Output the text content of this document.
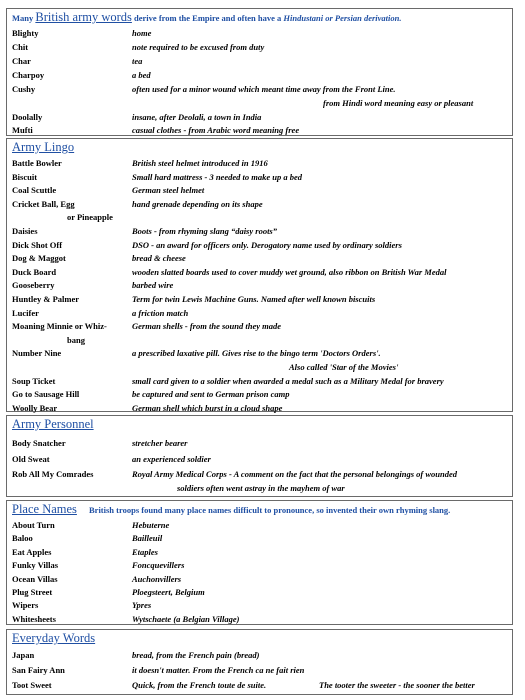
Many British army words derive from the Empire and often have a Hindustani or Persian derivation.
Blighty	home
Chit	note required to be excused from duty
Char	tea
Charpoy	a bed
Cushy	often used for a minor wound which meant time away from the Front Line.
from Hindi word meaning easy or pleasant
Doolally	insane, after Deolali, a town in India
Mufti	casual clothes - from Arabic word meaning free
Army Lingo
Battle Bowler	British steel helmet introduced in 1916
Biscuit	Small hard mattress - 3 needed to make up a bed
Coal Scuttle	German steel helmet
Cricket Ball, Egg	hand grenade depending on its shape
or Pineapple
Daisies	Boots - from rhyming slang “daisy roots”
Dick Shot Off	DSO - an award for officers only. Derogatory name used by ordinary soldiers
Dog & Maggot	bread & cheese
Duck Board	wooden slatted boards used to cover muddy wet ground, also ribbon on British War Medal
Gooseberry	barbed wire
Huntley & Palmer	Term for twin Lewis Machine Guns. Named after well known biscuits
Lucifer	a friction match
Moaning Minnie or Whiz-	German shells - from the sound they made
bang
Number Nine	a prescribed laxative pill. Gives rise to the bingo term 'Doctors Orders'.
Also called 'Star of the Movies'
Soup Ticket	small card given to a soldier when awarded a medal such as a Military Medal for bravery
Go to Sausage Hill	be captured and sent to German prison camp
Woolly Bear	German shell which burst in a cloud shape
Army Personnel
Body Snatcher	stretcher bearer
Old Sweat	an experienced soldier
Rob All My Comrades	Royal Army Medical Corps - A comment on the fact that the personal belongings of wounded
soldiers often went astray in the mayhem of war
Place Names British troops found many place names difficult to pronounce, so invented their own rhyming slang.
About Turn	Hebuterne
Baloo	Bailleuil
Eat Apples	Etaples
Funky Villas	Foncquevillers
Ocean Villas	Auchonvillers
Plug Street	Ploegsteert, Belgium
Wipers	Ypres
Whitesheets	Wytschaete (a Belgian Village)
Everyday Words
Japan	bread, from the French pain (bread)
San Fairy Ann	it doesn't matter. From the French ca ne fait rien
Toot Sweet	Quick, from the French toute de suite.	The tooter the sweeter - the sooner the better
